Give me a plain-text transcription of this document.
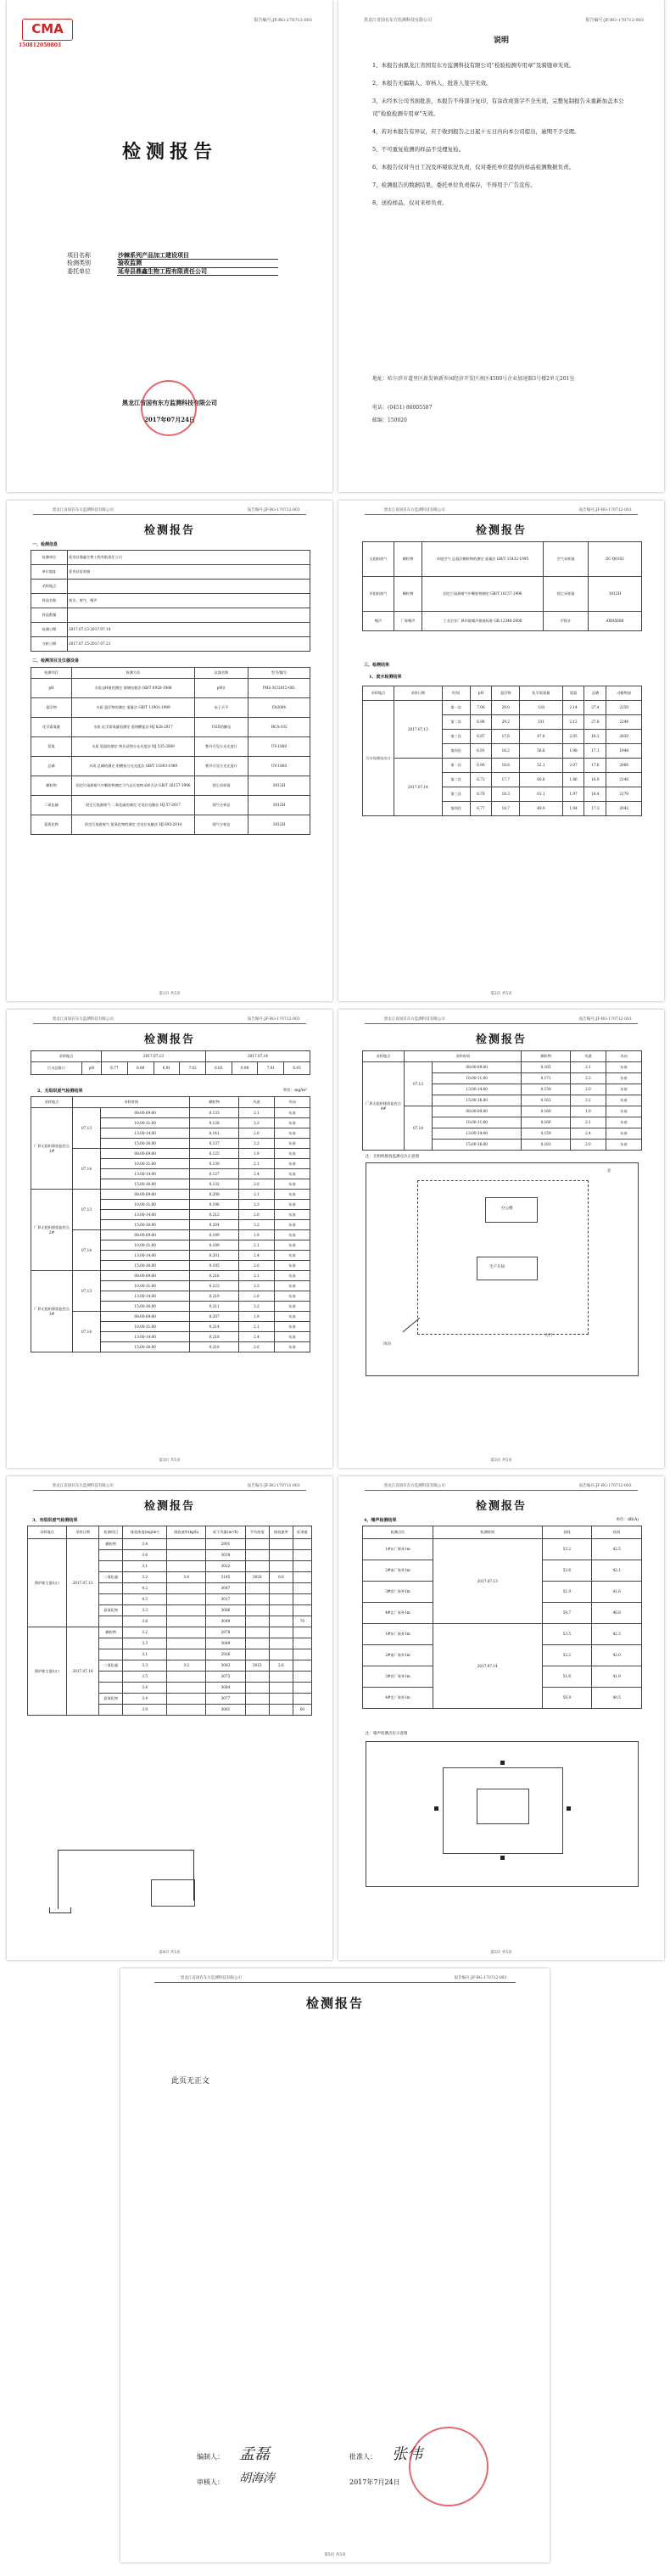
CMA
150812050803
报告编号:JF-BG-170712-003
检测报告
项目名称	沙棘系列产品加工建设项目
检测类别	验收监测
委托单位	延寿县鼎鑫生物工程有限责任公司
黑龙江省国有东方监测科技有限公司
2017年07月24日
报告编号:JF-BG-170712-003
黑龙江省国有东方监测科技有限公司
说明
1、本报告由黑龙江省国有东方监测科技有限公司“检验检测专用章”及骑缝章无效。
2、本报告无编制人、审核人、批准人签字无效。
3、未经本公司书面批准，本报告不得部分复印，有涂改或签字不全无效，完整复制报告未重新加盖本公司“检验检测专用章”无效。
4、若对本报告有异议，应于收到报告之日起十五日内向本公司提出，逾期不予受理。
5、不可重复检测的样品不受理复检。
6、本报告仅对当日工况及环境状况负责，仅对委托单位提供的样品检测数据负责。
7、检测报告的数据结果，委托单位负责保存，不得用于广告宣传。
8、送检样品，仅对来样负责。
地址：哈尔滨市道里区新发镇新乡园经济开发区南区4500号企业加速器3号楼2单元201室
电话：(0451) 86005587
邮编：150020
黑龙江省国有东方监测科技有限公司	报告编号:JF-BG-170712-003
检测报告
一、检测信息
检测单位	延寿县鼎鑫生物工程有限责任公司
单位地址	延寿县延寿镇
采样地点	
样品名称	废水、废气、噪声
样品数量	
检测日期	2017.07.13-2017.07.14
分析日期	2017.07.15-2017.07.21
二、检测项目及仪器设备
检测项目	检测方法	仪器名称	型号/编号
pH	水质 pH值的测定 玻璃电极法 GB/T 6920-1986	pH计	PHS-3C/2015-001
悬浮物	水质 悬浮物的测定 重量法 GB/T 11901-1989	电子天平	FA2004
化学需氧量	水质 化学需氧量的测定 重铬酸盐法 HJ 828-2017	COD消解仪	HCA-102
氨氮	水质 氨氮的测定 纳氏试剂分光光度法 HJ 535-2009	紫外可见分光光度计	UV-1800
总磷	水质 总磷的测定 钼酸铵分光光度法 GB/T 11893-1989	紫外可见分光光度计	UV-1800
颗粒物	固定污染源排气中颗粒物测定与气态污染物采样方法 GB/T 16157-1996	烟尘采样器	3012H
二氧化硫	固定污染源废气 二氧化硫的测定 定电位电解法 HJ 57-2017	烟气分析仪	3012H
氮氧化物	固定污染源废气 氮氧化物的测定 定电位电解法 HJ 693-2014	烟气分析仪	3012H
第1页 共5页
黑龙江省国有东方监测科技有限公司	报告编号:JF-BG-170712-003
检测报告
无组织废气	颗粒物	环境空气 总悬浮颗粒物的测定 重量法 GB/T 15432-1995	空气采样器	ZC-Q0102
有组织废气	颗粒物	固定污染源排气中颗粒物测定 GB/T 16157-1996	烟尘采样器	3012H
噪声	厂界噪声	工业企业厂界环境噪声排放标准 GB 12348-2008	声级计	AWA5688
三、检测结果
1、废水检测结果
采样地点	采样日期	时间	pH	悬浮物	化学需氧量	氨氮	总磷	动植物油
污水处理站出口	2017.07.13	第一次	7.06	29.0	128	2.14	27.4	2250
		第二次	6.98	29.2	131	2.12	27.8	2244
		第三次	6.87	17.6	47.8	2.05	16.3	2830
		第四次	6.91	18.2	56.6	1.98	17.1	1948
	2017.07.14	第一次	6.90	18.6	52.1	2.07	17.6	2080
		第二次	6.72	17.7	60.6	1.86	16.9	2146
		第三次	6.76	18.3	61.1	1.97	18.4	2170
		第四次	6.77	18.7	49.9	1.94	17.3	2042
第2页 共5页
黑龙江省国有东方监测科技有限公司	报告编号:JF-BG-170712-003
检测报告
采样地点		2017.07.13				2017.07.14			
污水总排口	pH	6.77	6.89	6.91	7.02	6.83	6.98	7.01	6.93
2、无组织废气检测结果	单位：mg/m³
采样地点	采样时间		颗粒物	风速	风向
厂界无组织排放监控点1#	07.13	08:00-09:00	0.133	2.1	东南
		10:00-11:00	0.128	2.3	东南
		13:00-14:00	0.141	2.0	东南
		15:00-16:00	0.137	2.2	东南
	07.14	08:00-09:00	0.125	1.9	东南
		10:00-11:00	0.130	2.1	东南
		13:00-14:00	0.127	2.4	东南
		15:00-16:00	0.132	2.0	东南
厂界无组织排放监控点2#	07.13	08:00-09:00	0.208	2.1	东南
		10:00-11:00	0.196	2.3	东南
		13:00-14:00	0.212	2.0	东南
		15:00-16:00	0.204	2.2	东南
	07.14	08:00-09:00	0.199	1.9	东南
		10:00-11:00	0.189	2.1	东南
		13:00-14:00	0.201	2.4	东南
		15:00-16:00	0.195	2.0	东南
厂界无组织排放监控点3#	07.13	08:00-09:00	0.216	2.1	东南
		10:00-11:00	0.223	2.3	东南
		13:00-14:00	0.219	2.0	东南
		15:00-16:00	0.211	2.2	东南
	07.14	08:00-09:00	0.207	1.9	东南
		10:00-11:00	0.214	2.1	东南
		13:00-14:00	0.218	2.4	东南
		15:00-16:00	0.210	2.0	东南
第3页 共5页
黑龙江省国有东方监测科技有限公司	报告编号:JF-BG-170712-003
检测报告
采样地点	采样时间		颗粒物	风速	风向
厂界无组织排放监控点4#	07.13	08:00-09:00	0.165	2.1	东南
		10:00-11:00	0.171	2.3	东南
		13:00-14:00	0.158	2.0	东南
		15:00-16:00	0.162	2.2	东南
	07.14	08:00-09:00	0.160	1.9	东南
		10:00-11:00	0.166	2.1	东南
		13:00-14:00	0.159	2.4	东南
		15:00-16:00	0.163	2.0	东南
注：无组织排放监测点位示意图
办公楼
生产车间
北
大门
风向
第3页 共5页
黑龙江省国有东方监测科技有限公司	报告编号:JF-BG-170712-003
检测报告
3、有组织废气检测结果
采样地点	采样日期	检测项目	排放浓度(mg/m³)	排放速率(kg/h)	标干风量(m³/h)	平均浓度	排放速率	标准值
锅炉除尘器出口	2017.07.13	颗粒物	3.4		2901			
			3.6		3038			
			3.1		3022			
		二氧化硫	3.2	3.4	3145	3020	0.6	
			4.2		3047			
			4.3		3017			
		氮氧化物	3.3		3086			
			3.8		3049			70
锅炉除尘器出口	2017.07.14	颗粒物	3.2		2978			
			3.3		3049			
			3.1		2926			
		二氧化硫	3.3	3.2	3083	3015	2.6	
			3.5		3073			
			3.4		3084			
		氮氧化物	3.4		3077			
			3.9		3061			60
第4页 共5页
黑龙江省国有东方监测科技有限公司	报告编号:JF-BG-170712-003
检测报告
4、噪声检测结果	单位：dB(A)
检测点位	检测时间	昼间	夜间
1#东厂界外1m	2017.07.13	53.2	42.5
2#南厂界外1m		52.6	42.1
3#西厂界外1m		51.9	41.6
4#北厂界外1m		50.7	40.8
1#东厂界外1m	2017.07.14	53.5	42.3
2#南厂界外1m		52.2	42.0
3#西厂界外1m		51.6	41.9
4#北厂界外1m		50.9	40.5
注：噪声检测点位示意图
第5页 共5页
黑龙江省国有东方监测科技有限公司	报告编号:JF-BG-170712-003
检测报告
此页无正文
编制人： 孟磊	批准人： 张伟
审核人： 胡海涛	2017年7月24日
第5页 共5页
